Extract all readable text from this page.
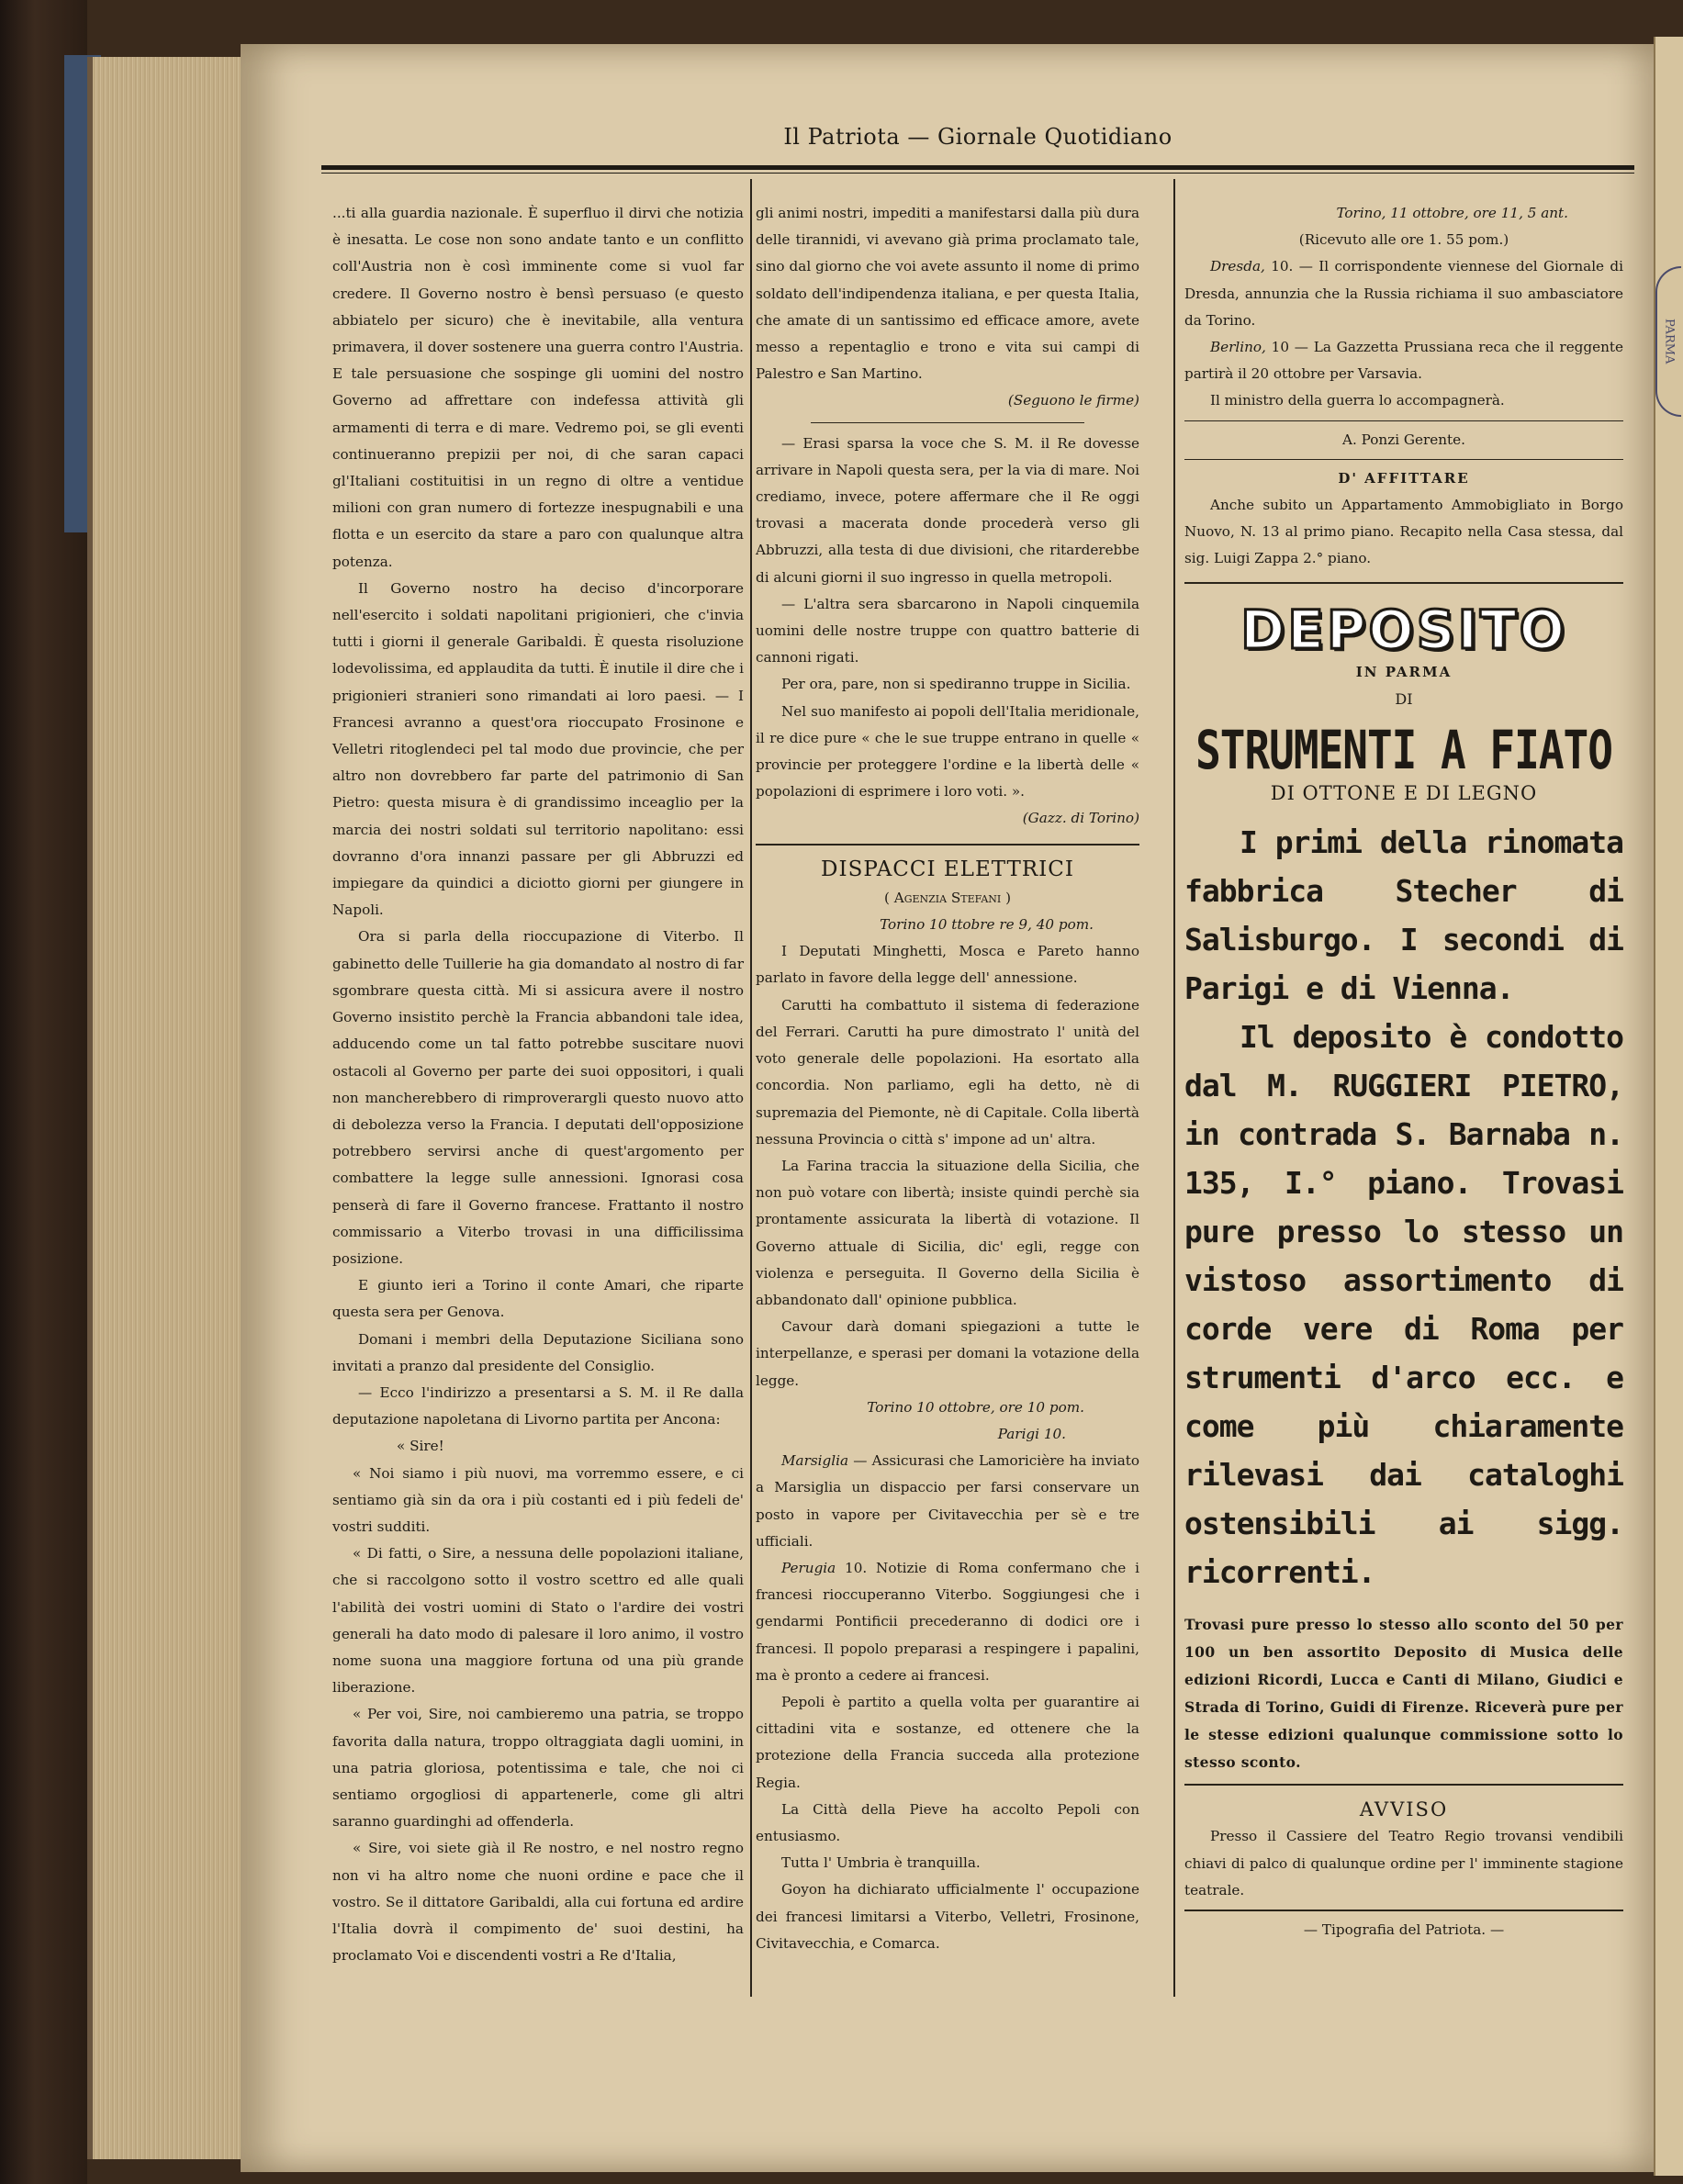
PARMA
Il Patriota — Giornale Quotidiano

...ti alla guardia nazionale. È superfluo il dirvi che notizia è inesatta. Le cose non sono andate tanto e un conflitto coll'Austria non è così imminente come si vuol far credere. Il Governo nostro è bensì persuaso (e questo abbiatelo per sicuro) che è inevitabile, alla ventura primavera, il dover sostenere una guerra contro l'Austria. E tale persuasione che sospinge gli uomini del nostro Governo ad affrettare con indefessa attività gli armamenti di terra e di mare. Vedremo poi, se gli eventi continueranno prepizii per noi, di che saran capaci gl'Italiani costituitisi in un regno di oltre a ventidue milioni con gran numero di fortezze inespugnabili e una flotta e un esercito da stare a paro con qualunque altra potenza.

Il Governo nostro ha deciso d'incorporare nell'esercito i soldati napolitani prigionieri, che c'invia tutti i giorni il generale Garibaldi. È questa risoluzione lodevolissima, ed applaudita da tutti. È inutile il dire che i prigionieri stranieri sono rimandati ai loro paesi. — I Francesi avranno a quest'ora rioccupato Frosinone e Velletri ritoglendeci pel tal modo due provincie, che per altro non dovrebbero far parte del patrimonio di San Pietro: questa misura è di grandissimo inceaglio per la marcia dei nostri soldati sul territorio napolitano: essi dovranno d'ora innanzi passare per gli Abbruzzi ed impiegare da quindici a diciotto giorni per giungere in Napoli.

Ora si parla della rioccupazione di Viterbo. Il gabinetto delle Tuillerie ha gia domandato al nostro di far sgombrare questa città. Mi si assicura avere il nostro Governo insistito perchè la Francia abbandoni tale idea, adducendo come un tal fatto potrebbe suscitare nuovi ostacoli al Governo per parte dei suoi oppositori, i quali non mancherebbero di rimproverargli questo nuovo atto di debolezza verso la Francia. I deputati dell'opposizione potrebbero servirsi anche di quest'argomento per combattere la legge sulle annessioni. Ignorasi cosa penserà di fare il Governo francese. Frattanto il nostro commissario a Viterbo trovasi in una difficilissima posizione.

E giunto ieri a Torino il conte Amari, che riparte questa sera per Genova.

Domani i membri della Deputazione Siciliana sono invitati a pranzo dal presidente del Consiglio.

— Ecco l'indirizzo a presentarsi a S. M. il Re dalla deputazione napoletana di Livorno partita per Ancona:

« Sire!

« Noi siamo i più nuovi, ma vorremmo essere, e ci sentiamo già sin da ora i più costanti ed i più fedeli de' vostri sudditi.

« Di fatti, o Sire, a nessuna delle popolazioni italiane, che si raccolgono sotto il vostro scettro ed alle quali l'abilità dei vostri uomini di Stato o l'ardire dei vostri generali ha dato modo di palesare il loro animo, il vostro nome suona una maggiore fortuna od una più grande liberazione.

« Per voi, Sire, noi cambieremo una patria, se troppo favorita dalla natura, troppo oltraggiata dagli uomini, in una patria gloriosa, potentissima e tale, che noi ci sentiamo orgogliosi di appartenerle, come gli altri saranno guardinghi ad offenderla.

« Sire, voi siete già il Re nostro, e nel nostro regno non vi ha altro nome che nuoni ordine e pace che il vostro. Se il dittatore Garibaldi, alla cui fortuna ed ardire l'Italia dovrà il compimento de' suoi destini, ha proclamato Voi e discendenti vostri a Re d'Italia,

gli animi nostri, impediti a manifestarsi dalla più dura delle tirannidi, vi avevano già prima proclamato tale, sino dal giorno che voi avete assunto il nome di primo soldato dell'indipendenza italiana, e per questa Italia, che amate di un santissimo ed efficace amore, avete messo a repentaglio e trono e vita sui campi di Palestro e San Martino.

(Seguono le firme)

— Erasi sparsa la voce che S. M. il Re dovesse arrivare in Napoli questa sera, per la via di mare. Noi crediamo, invece, potere affermare che il Re oggi trovasi a macerata donde procederà verso gli Abbruzzi, alla testa di due divisioni, che ritarderebbe di alcuni giorni il suo ingresso in quella metropoli.

— L'altra sera sbarcarono in Napoli cinquemila uomini delle nostre truppe con quattro batterie di cannoni rigati.

Per ora, pare, non si spediranno truppe in Sicilia.

Nel suo manifesto ai popoli dell'Italia meridionale, il re dice pure « che le sue truppe entrano in quelle « provincie per proteggere l'ordine e la libertà delle « popolazioni di esprimere i loro voti. ».

(Gazz. di Torino)

DISPACCI ELETTRICI

( Agenzia Stefani )

Torino 10 ttobre re 9, 40 pom.

I Deputati Minghetti, Mosca e Pareto hanno parlato in favore della legge dell' annessione.

Carutti ha combattuto il sistema di federazione del Ferrari. Carutti ha pure dimostrato l' unità del voto generale delle popolazioni. Ha esortato alla concordia. Non parliamo, egli ha detto, nè di supremazia del Piemonte, nè di Capitale. Colla libertà nessuna Provincia o città s' impone ad un' altra.

La Farina traccia la situazione della Sicilia, che non può votare con libertà; insiste quindi perchè sia prontamente assicurata la libertà di votazione. Il Governo attuale di Sicilia, dic' egli, regge con violenza e perseguita. Il Governo della Sicilia è abbandonato dall' opinione pubblica.

Cavour darà domani spiegazioni a tutte le interpellanze, e sperasi per domani la votazione della legge.

Torino 10 ottobre, ore 10 pom.

Parigi 10.

Marsiglia — Assicurasi che Lamoricière ha inviato a Marsiglia un dispaccio per farsi conservare un posto in vapore per Civitavecchia per sè e tre ufficiali.

Perugia 10. Notizie di Roma confermano che i francesi rioccuperanno Viterbo. Soggiungesi che i gendarmi Pontificii precederanno di dodici ore i francesi. Il popolo preparasi a respingere i papalini, ma è pronto a cedere ai francesi.

Pepoli è partito a quella volta per guarantire ai cittadini vita e sostanze, ed ottenere che la protezione della Francia succeda alla protezione Regia.

La Città della Pieve ha accolto Pepoli con entusiasmo.

Tutta l' Umbria è tranquilla.

Goyon ha dichiarato ufficialmente l' occupazione dei francesi limitarsi a Viterbo, Velletri, Frosinone, Civitavecchia, e Comarca.

Torino, 11 ottobre, ore 11, 5 ant.

(Ricevuto alle ore 1. 55 pom.)

Dresda, 10. — Il corrispondente viennese del Giornale di Dresda, annunzia che la Russia richiama il suo ambasciatore da Torino.

Berlino, 10 — La Gazzetta Prussiana reca che il reggente partirà il 20 ottobre per Varsavia.

Il ministro della guerra lo accompagnerà.

A. Ponzi Gerente.

D' AFFITTARE

Anche subito un Appartamento Ammobigliato in Borgo Nuovo, N. 13 al primo piano. Recapito nella Casa stessa, dal sig. Luigi Zappa 2.° piano.

DEPOSITO
IN PARMA
DI
STRUMENTI A FIATO
DI OTTONE E DI LEGNO
I primi della rinomata fabbrica Stecher di Salisburgo. I secondi di Parigi e di Vienna.
Il deposito è condotto dal M. RUGGIERI PIETRO, in contrada S. Barnaba n. 135, I.° piano. Trovasi pure presso lo stesso un vistoso assortimento di corde vere di Roma per strumenti d'arco ecc. e come più chiaramente rilevasi dai cataloghi ostensibili ai sigg. ricorrenti.
Trovasi pure presso lo stesso allo sconto del 50 per 100 un ben assortito Deposito di Musica delle edizioni Ricordi, Lucca e Canti di Milano, Giudici e Strada di Torino, Guidi di Firenze. Riceverà pure per le stesse edizioni qualunque commissione sotto lo stesso sconto.
AVVISO

Presso il Cassiere del Teatro Regio trovansi vendibili chiavi di palco di qualunque ordine per l' imminente stagione teatrale.

— Tipografia del Patriota. —
